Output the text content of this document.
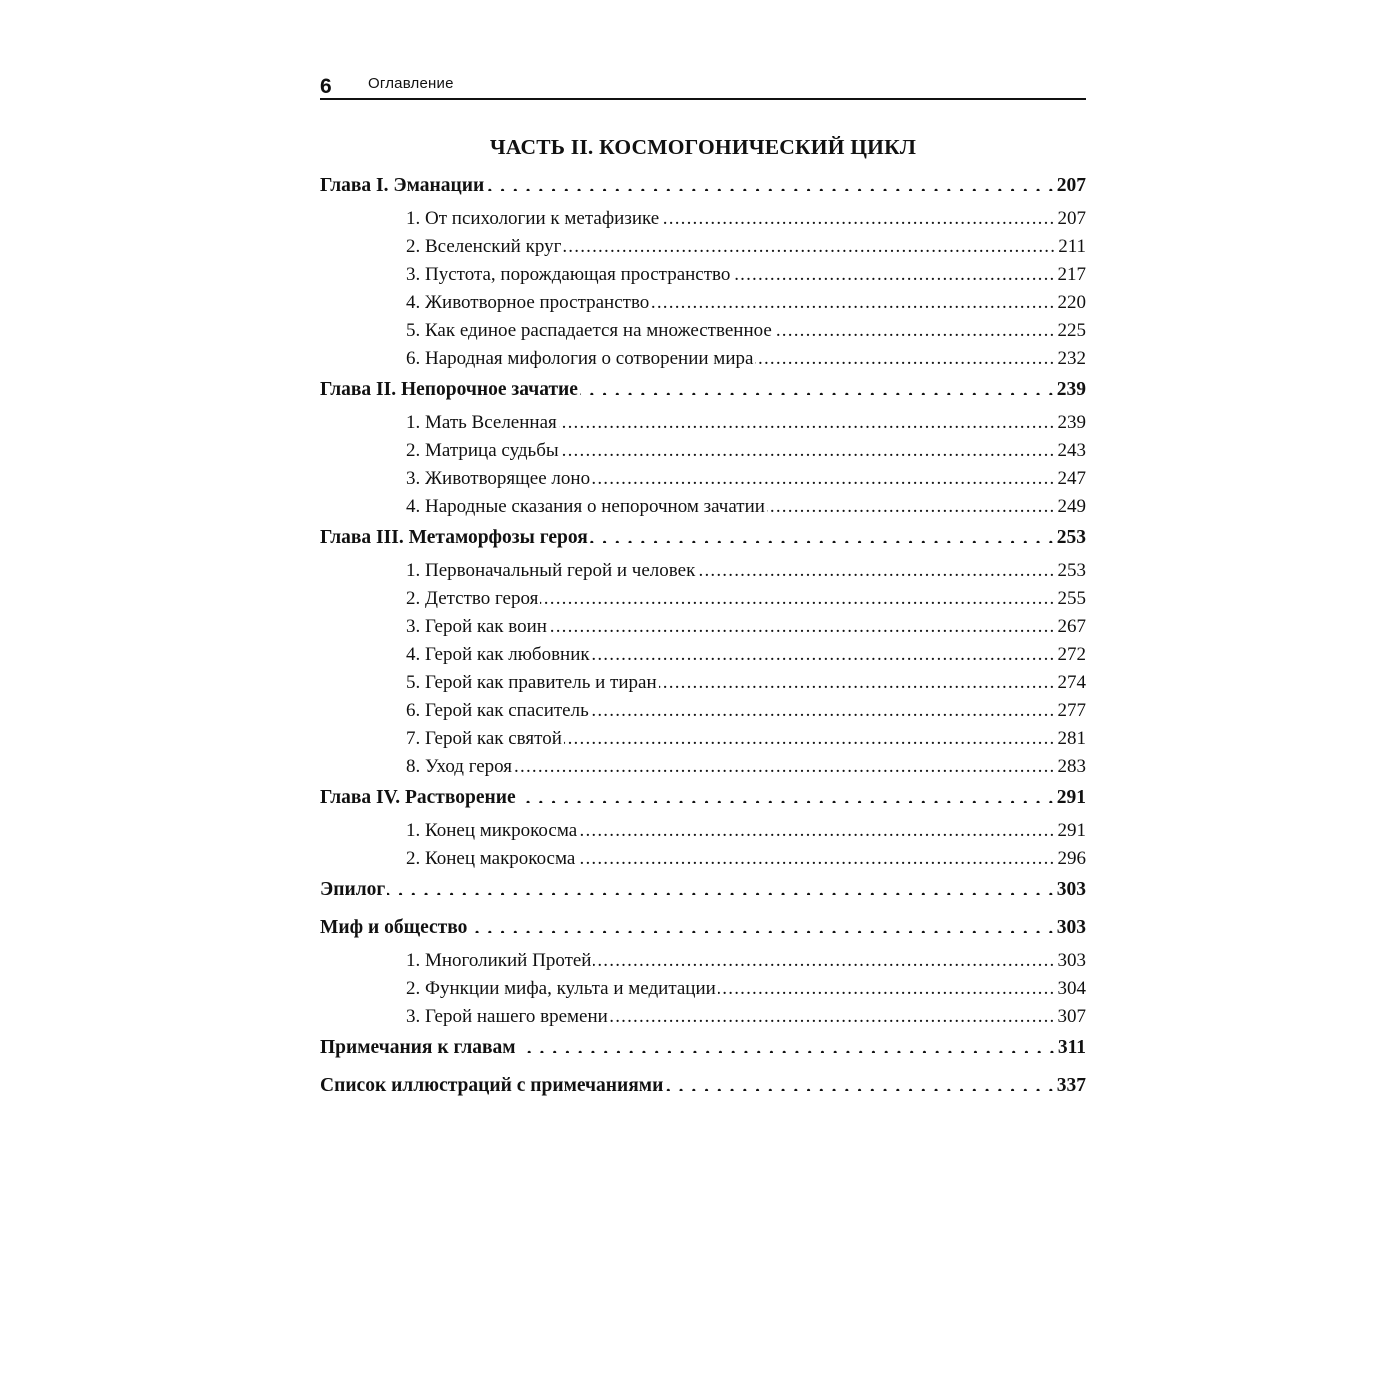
6 Оглавление
ЧАСТЬ II. КОСМОГОНИЧЕСКИЙ ЦИКЛ
Глава I. Эманации . . .	207
1. От психологии к метафизике .....	207
2. Вселенский круг .....	211
3. Пустота, порождающая пространство .....	217
4. Животворное пространство .....	220
5. Как единое распадается на множественное .....	225
6. Народная мифология о сотворении мира .....	232
Глава II. Непорочное зачатие . . .	239
1. Мать Вселенная .....	239
2. Матрица судьбы .....	243
3. Животворящее лоно .....	247
4. Народные сказания о непорочном зачатии .....	249
Глава III. Метаморфозы героя . . .	253
1. Первоначальный герой и человек .....	253
2. Детство героя .....	255
3. Герой как воин .....	267
4. Герой как любовник .....	272
5. Герой как правитель и тиран .....	274
6. Герой как спаситель .....	277
7. Герой как святой .....	281
8. Уход героя .....	283
Глава IV. Растворение . . .	291
1. Конец микрокосма .....	291
2. Конец макрокосма .....	296
Эпилог . . .	303
Миф и общество . . .	303
1. Многоликий Протей .....	303
2. Функции мифа, культа и медитации .....	304
3. Герой нашего времени .....	307
Примечания к главам . . .	311
Список иллюстраций с примечаниями . . .	337
